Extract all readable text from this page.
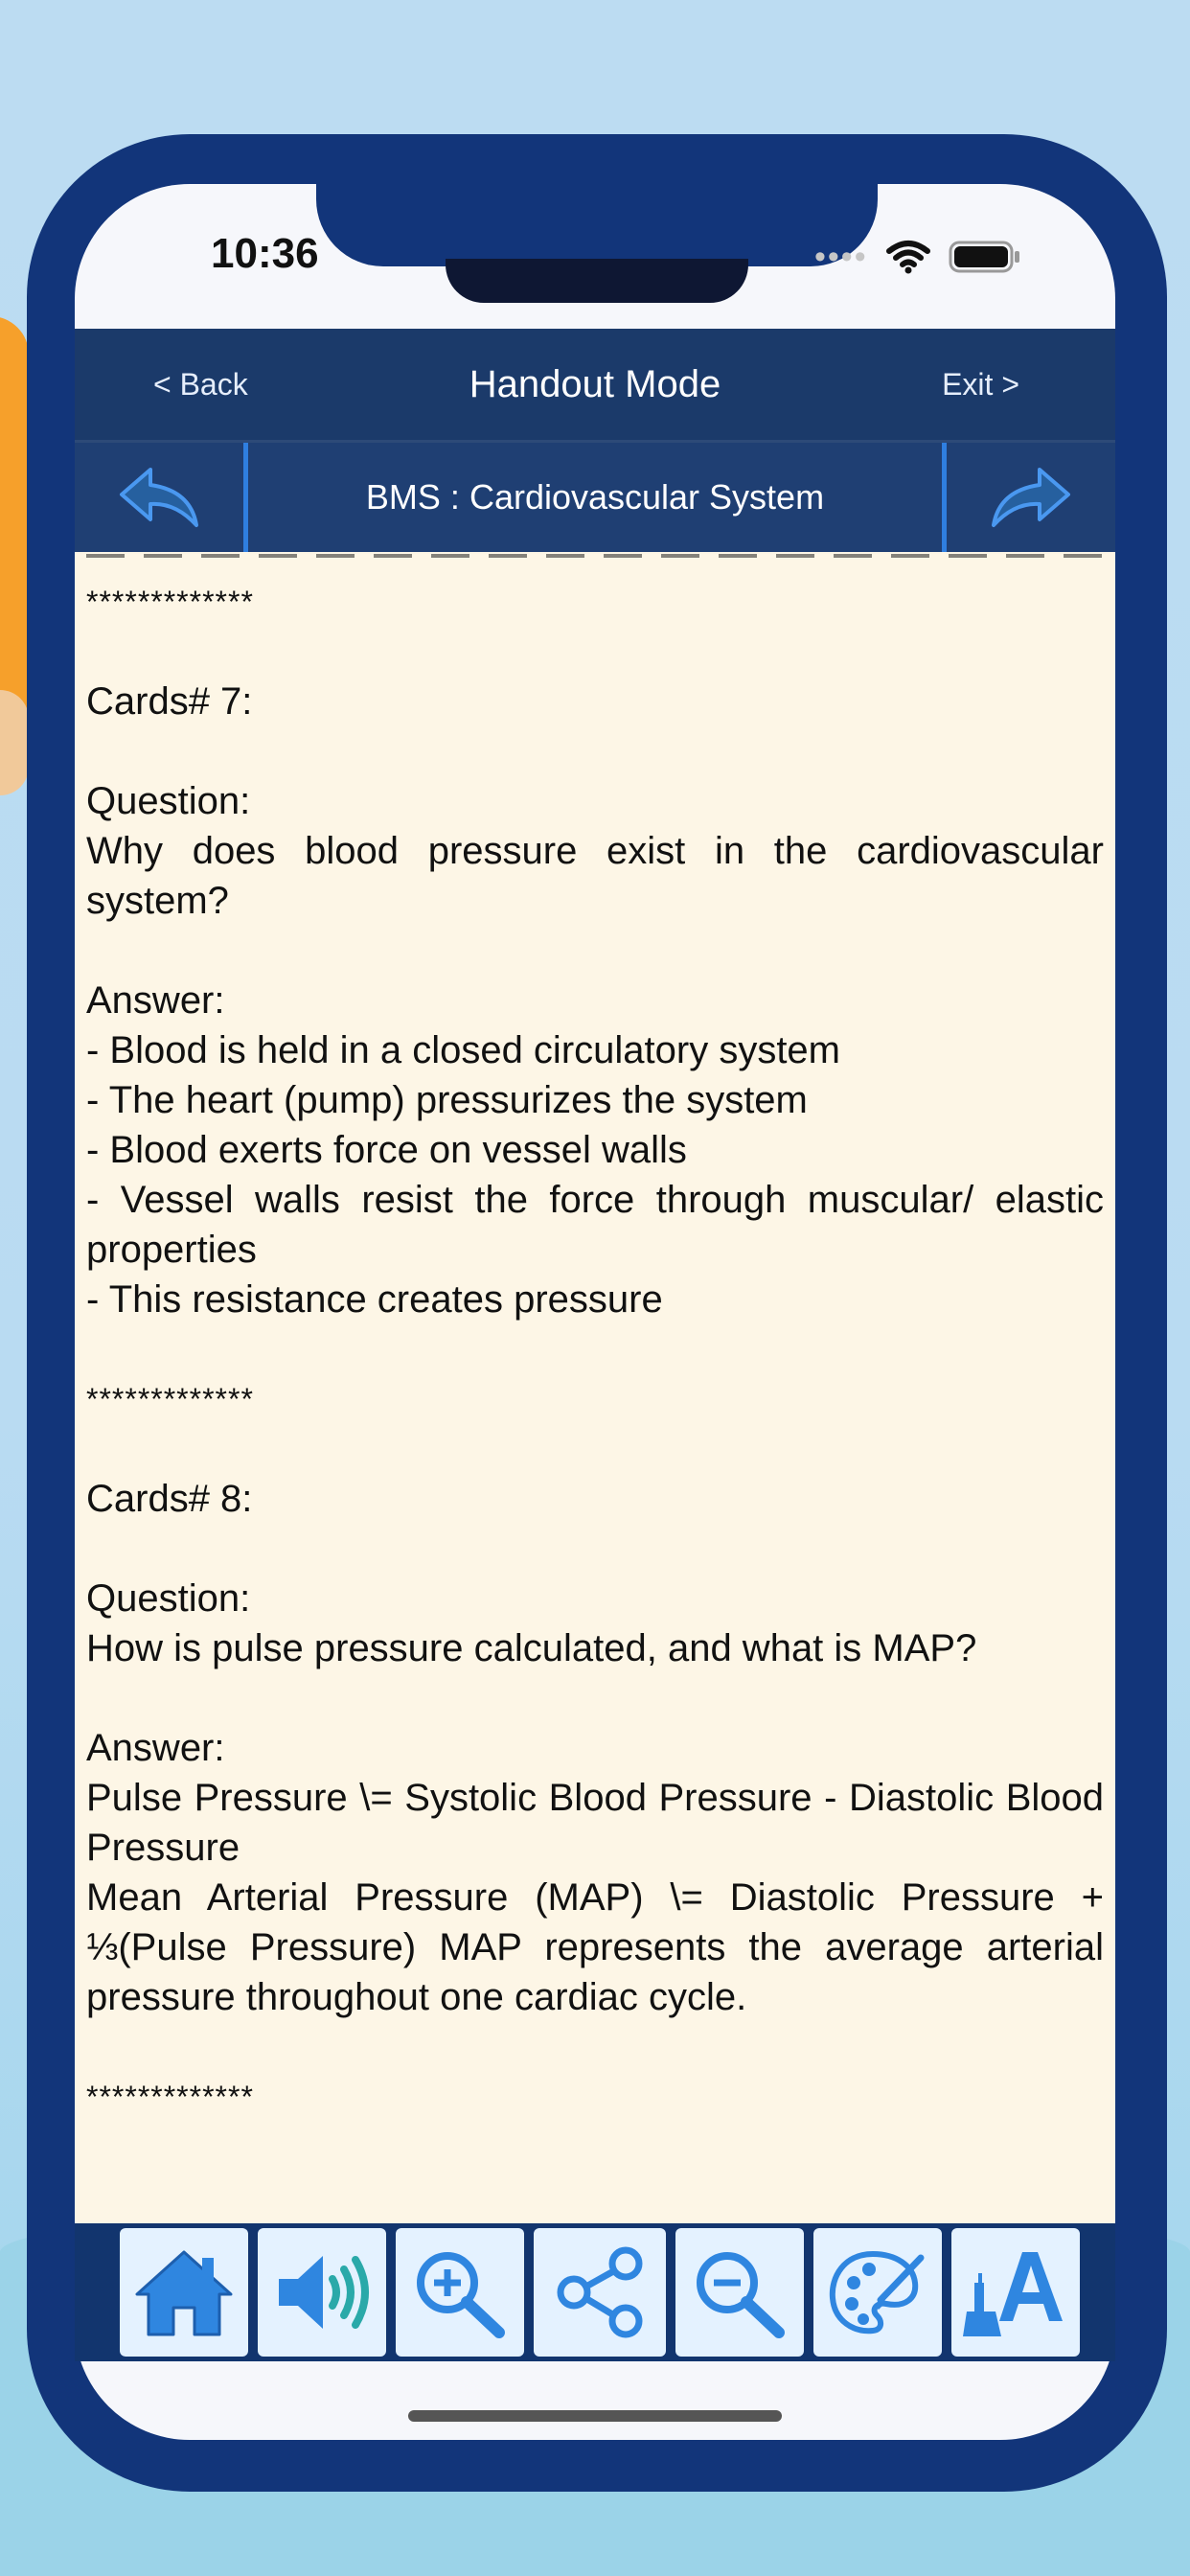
10:36	••••
< Back	Handout Mode	Exit >
BMS : Cardiovascular System
*************
Cards# 7:
Question:
Why does blood pressure exist in the cardiovascular system?
Answer:
- Blood is held in a closed circulatory system
- The heart (pump) pressurizes the system
- Blood exerts force on vessel walls
- Vessel walls resist the force through muscular/ elastic properties
- This resistance creates pressure
*************
Cards# 8:
Question:
How is pulse pressure calculated, and what is MAP?
Answer:
Pulse Pressure \= Systolic Blood Pressure - Diastolic Blood Pressure
Mean Arterial Pressure (MAP) \= Diastolic Pressure + ⅓(Pulse Pressure) MAP represents the average arterial pressure throughout one cardiac cycle.
*************
